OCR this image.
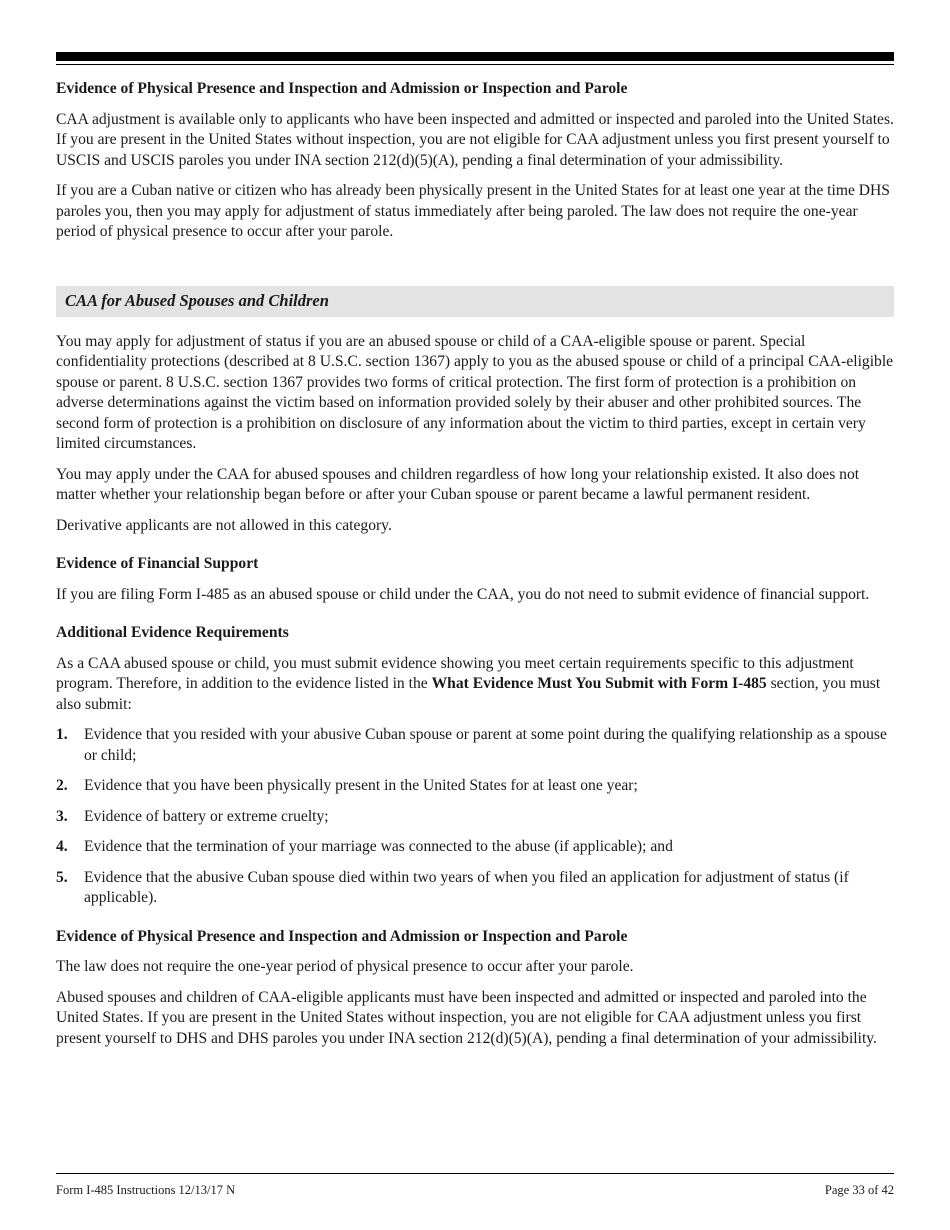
Evidence of Physical Presence and Inspection and Admission or Inspection and Parole

CAA adjustment is available only to applicants who have been inspected and admitted or inspected and paroled into the United States. If you are present in the United States without inspection, you are not eligible for CAA adjustment unless you first present yourself to USCIS and USCIS paroles you under INA section 212(d)(5)(A), pending a final determination of your admissibility.

If you are a Cuban native or citizen who has already been physically present in the United States for at least one year at the time DHS paroles you, then you may apply for adjustment of status immediately after being paroled. The law does not require the one-year period of physical presence to occur after your parole.

CAA for Abused Spouses and Children

You may apply for adjustment of status if you are an abused spouse or child of a CAA-eligible spouse or parent. Special confidentiality protections (described at 8 U.S.C. section 1367) apply to you as the abused spouse or child of a principal CAA-eligible spouse or parent. 8 U.S.C. section 1367 provides two forms of critical protection. The first form of protection is a prohibition on adverse determinations against the victim based on information provided solely by their abuser and other prohibited sources. The second form of protection is a prohibition on disclosure of any information about the victim to third parties, except in certain very limited circumstances.

You may apply under the CAA for abused spouses and children regardless of how long your relationship existed. It also does not matter whether your relationship began before or after your Cuban spouse or parent became a lawful permanent resident.

Derivative applicants are not allowed in this category.

Evidence of Financial Support

If you are filing Form I-485 as an abused spouse or child under the CAA, you do not need to submit evidence of financial support.

Additional Evidence Requirements

As a CAA abused spouse or child, you must submit evidence showing you meet certain requirements specific to this adjustment program. Therefore, in addition to the evidence listed in the What Evidence Must You Submit with Form I-485 section, you must also submit:

1.	Evidence that you resided with your abusive Cuban spouse or parent at some point during the qualifying relationship as a spouse or child;
2.	Evidence that you have been physically present in the United States for at least one year;
3.	Evidence of battery or extreme cruelty;
4.	Evidence that the termination of your marriage was connected to the abuse (if applicable); and
5.	Evidence that the abusive Cuban spouse died within two years of when you filed an application for adjustment of status (if applicable).

Evidence of Physical Presence and Inspection and Admission or Inspection and Parole

The law does not require the one-year period of physical presence to occur after your parole.

Abused spouses and children of CAA-eligible applicants must have been inspected and admitted or inspected and paroled into the United States. If you are present in the United States without inspection, you are not eligible for CAA adjustment unless you first present yourself to DHS and DHS paroles you under INA section 212(d)(5)(A), pending a final determination of your admissibility.

Form I-485 Instructions 12/13/17 N	Page 33 of 42
